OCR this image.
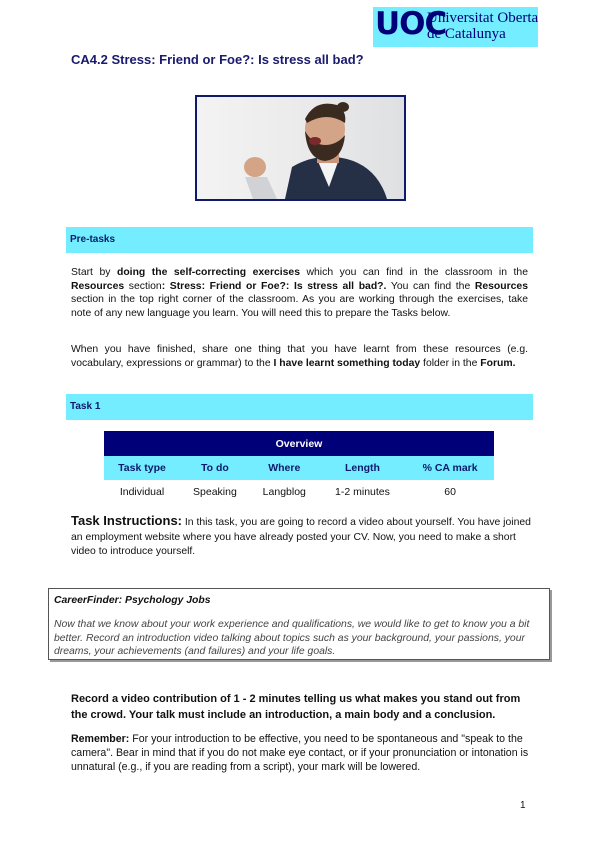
UOC
Universitat Oberta
de Catalunya
CA4.2 Stress: Friend or Foe?: Is stress all bad?
Pre-tasks
Start by doing the self-correcting exercises which you can find in the classroom in the Resources section: Stress: Friend or Foe?: Is stress all bad?. You can find the Resources section in the top right corner of the classroom. As you are working through the exercises, take note of any new language you learn. You will need this to prepare the Tasks below.
When you have finished, share one thing that you have learnt from these resources (e.g. vocabulary, expressions or grammar) to the I have learnt something today folder in the Forum.
Task 1
Overview				
Task type	To do	Where	Length	% CA mark
Individual	Speaking	Langblog	1-2 minutes	60
Task Instructions: In this task, you are going to record a video about yourself. You have joined an employment website where you have already posted your CV. Now, you need to make a short video to introduce yourself.
CareerFinder: Psychology Jobs
Now that we know about your work experience and qualifications, we would like to get to know you a bit better. Record an introduction video talking about topics such as your background, your passions, your dreams, your achievements (and failures) and your life goals.
Record a video contribution of 1 - 2 minutes telling us what makes you stand out from the crowd. Your talk must include an introduction, a main body and a conclusion.
Remember: For your introduction to be effective, you need to be spontaneous and "speak to the camera". Bear in mind that if you do not make eye contact, or if your pronunciation or intonation is unnatural (e.g., if you are reading from a script), your mark will be lowered.
1
